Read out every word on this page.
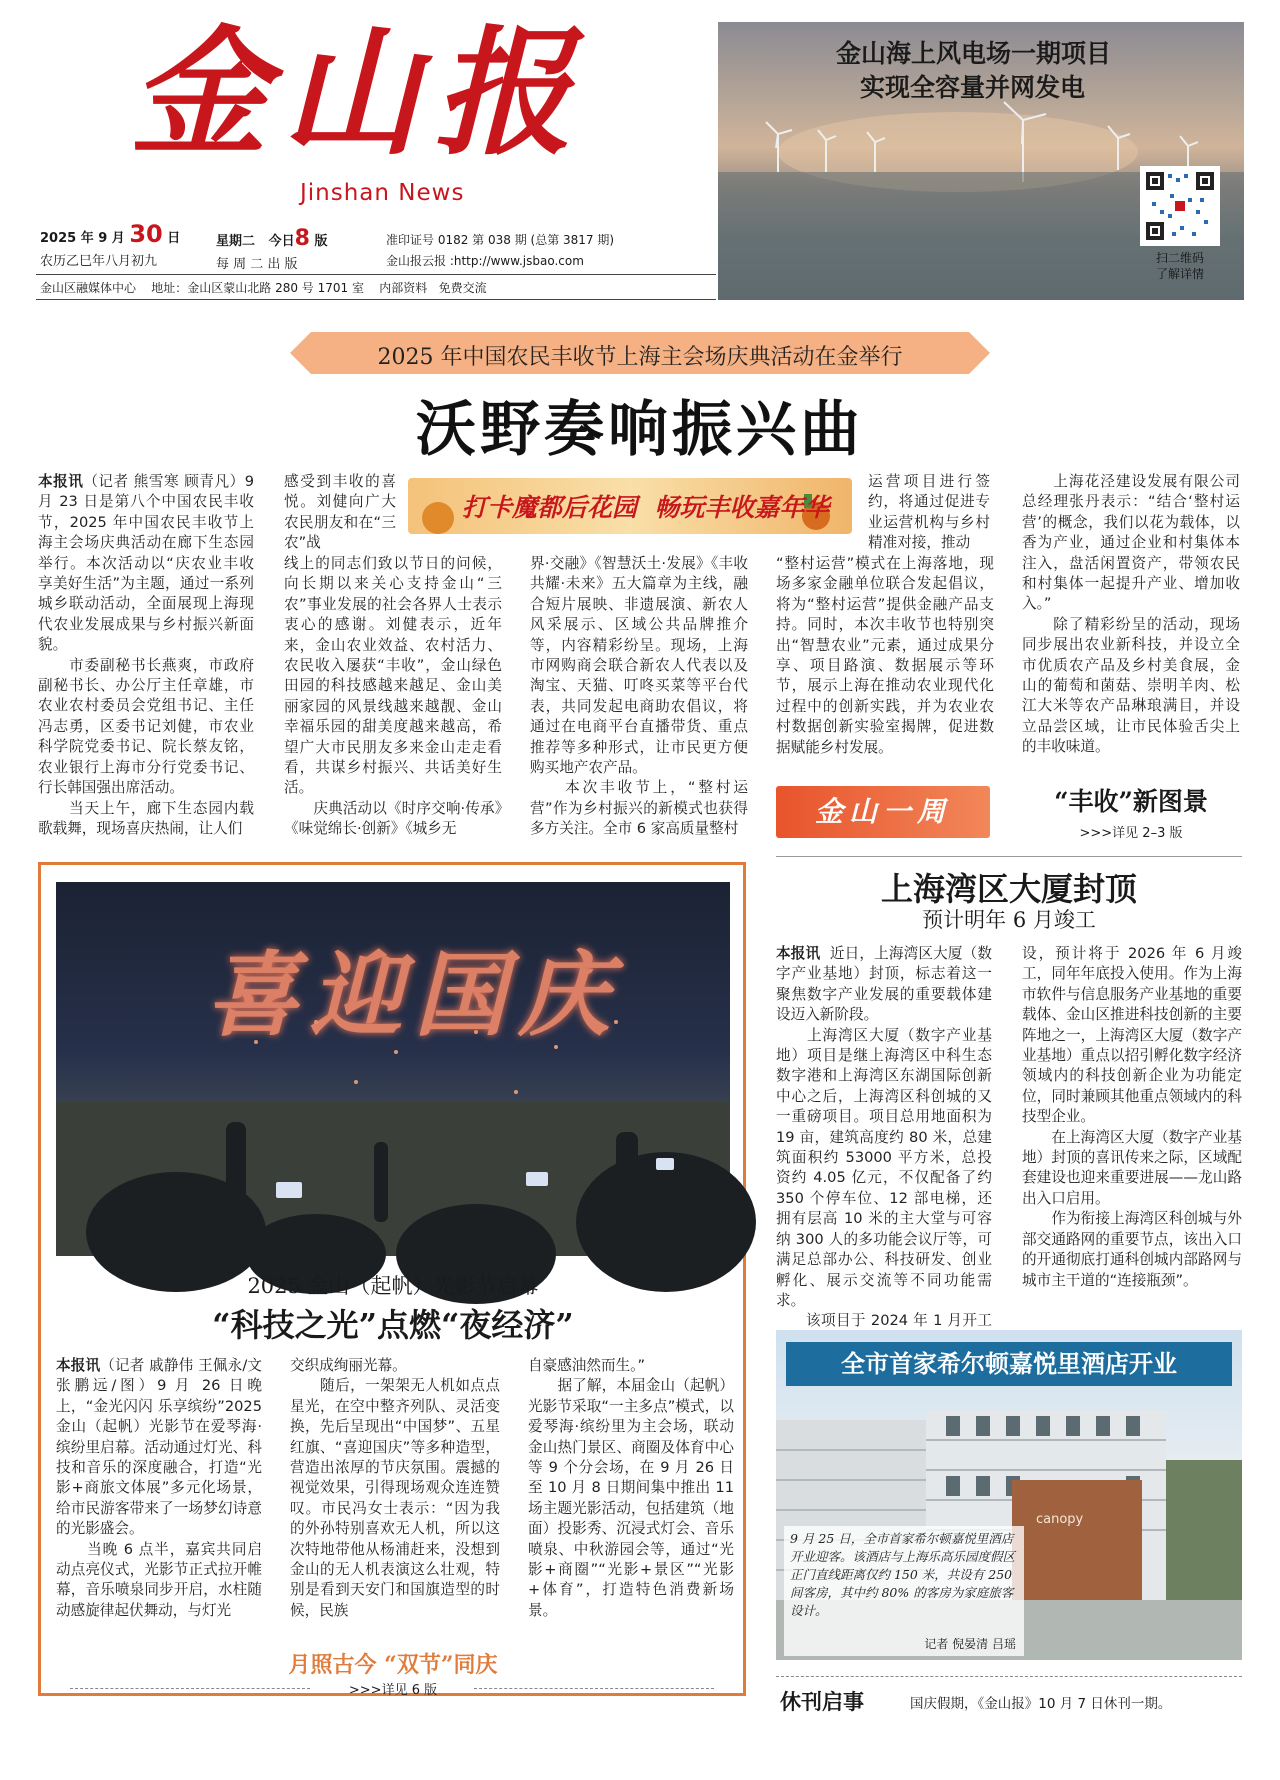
金山报
Jinshan News
2025 年 9 月 30 日
农历乙巳年八月初九
星期二 今日8 版
每 周 二 出 版
准印证号 0182 第 038 期 (总第 3817 期)
金山报云报 :http://www.jsbao.com
金山区融媒体中心    地址：金山区蒙山北路 280 号 1701 室    内部资料   免费交流
金山海上风电场一期项目
实现全容量并网发电
扫二维码
了解详情
2025 年中国农民丰收节上海主会场庆典活动在金举行
沃野奏响振兴曲
本报讯（记者 熊雪寒 顾青凡）9 月 23 日是第八个中国农民丰收节，2025 年中国农民丰收节上海主会场庆典活动在廊下生态园举行。本次活动以“庆农业丰收 享美好生活”为主题，通过一系列城乡联动活动，全面展现上海现代农业发展成果与乡村振兴新面貌。
　　市委副秘书长燕爽，市政府副秘书长、办公厅主任章雄，市农业农村委员会党组书记、主任冯志勇，区委书记刘健，市农业科学院党委书记、院长蔡友铭，农业银行上海市分行党委书记、行长韩国强出席活动。
　　当天上午，廊下生态园内载歌载舞，现场喜庆热闹，让人们
感受到丰收的喜悦。刘健向广大农民朋友和在“三农”战
打卡魔都后花园  畅玩丰收嘉年华
线上的同志们致以节日的问候，向长期以来关心支持金山“三农”事业发展的社会各界人士表示衷心的感谢。刘健表示，近年来，金山农业效益、农村活力、农民收入屡获“丰收”，金山绿色田园的科技感越来越足、金山美丽家园的风景线越来越靓、金山幸福乐园的甜美度越来越高，希望广大市民朋友多来金山走走看看，共谋乡村振兴、共话美好生活。
　　庆典活动以《时序交响·传承》《味觉绵长·创新》《城乡无
界·交融》《智慧沃土·发展》《丰收共耀·未来》五大篇章为主线，融合短片展映、非遗展演、新农人风采展示、区域公共品牌推介等，内容精彩纷呈。现场，上海市网购商会联合新农人代表以及淘宝、天猫、叮咚买菜等平台代表，共同发起电商助农倡议，将通过在电商平台直播带货、重点推荐等多种形式，让市民更方便购买地产农产品。
　　本次丰收节上，“整村运营”作为乡村振兴的新模式也获得多方关注。全市 6 家高质量整村
运营项目进行签约，将通过促进专业运营机构与乡村精准对接，推动
“整村运营”模式在上海落地，现场多家金融单位联合发起倡议，将为“整村运营”提供金融产品支持。同时，本次丰收节也特别突出“智慧农业”元素，通过成果分享、项目路演、数据展示等环节，展示上海在推动农业现代化过程中的创新实践，并为农业农村数据创新实验室揭牌，促进数据赋能乡村发展。
　　上海花泾建设发展有限公司总经理张丹表示：“结合‘整村运营’的概念，我们以花为载体，以香为产业，通过企业和村集体本注入，盘活闲置资产，带领农民和村集体一起提升产业、增加收入。”
　　除了精彩纷呈的活动，现场同步展出农业新科技，并设立全市优质农产品及乡村美食展，金山的葡萄和菌菇、崇明羊肉、松江大米等农产品琳琅满目，并设立品尝区域，让市民体验舌尖上的丰收味道。
金山一周	“丰收”新图景
>>>详见 2–3 版
上海湾区大厦封顶
预计明年 6 月竣工
本报讯  近日，上海湾区大厦（数字产业基地）封顶，标志着这一聚焦数字产业发展的重要载体建设迈入新阶段。
　　上海湾区大厦（数字产业基地）项目是继上海湾区中科生态数字港和上海湾区东湖国际创新中心之后，上海湾区科创城的又一重磅项目。项目总用地面积为 19 亩，建筑高度约 80 米，总建筑面积约 53000 平方米，总投资约 4.05 亿元，不仅配备了约 350 个停车位、12 部电梯，还拥有层高 10 米的主大堂与可容纳 300 人的多功能会议厅等，可满足总部办公、科技研发、创业孵化、展示交流等不同功能需求。
　　该项目于 2024 年 1 月开工
设，预计将于 2026 年 6 月竣工，同年年底投入使用。作为上海市软件与信息服务产业基地的重要载体、金山区推进科技创新的主要阵地之一，上海湾区大厦（数字产业基地）重点以招引孵化数字经济领域内的科技创新企业为功能定位，同时兼顾其他重点领域内的科技型企业。
　　在上海湾区大厦（数字产业基地）封顶的喜讯传来之际，区域配套建设也迎来重要进展——龙山路出入口启用。
　　作为衔接上海湾区科创城与外部交通路网的重要节点，该出入口的开通彻底打通科创城内部路网与城市主干道的“连接瓶颈”。
喜迎国庆
2025 金山（起帆）光影节启幕
“科技之光”点燃“夜经济”
本报讯（记者 戚静伟 王佩永/文 张鹏远/图）9 月 26 日晚上，“金光闪闪 乐享缤纷”2025 金山（起帆）光影节在爱琴海·缤纷里启幕。活动通过灯光、科技和音乐的深度融合，打造“光影+商旅文体展”多元化场景，给市民游客带来了一场梦幻诗意的光影盛会。
　　当晚 6 点半，嘉宾共同启动点亮仪式，光影节正式拉开帷幕，音乐喷泉同步开启，水柱随动感旋律起伏舞动，与灯光
交织成绚丽光幕。
　　随后，一架架无人机如点点星光，在空中整齐列队、灵活变换，先后呈现出“中国梦”、五星红旗、“喜迎国庆”等多种造型，营造出浓厚的节庆氛围。震撼的视觉效果，引得现场观众连连赞叹。市民冯女士表示：“因为我的外孙特别喜欢无人机，所以这次特地带他从杨浦赶来，没想到金山的无人机表演这么壮观，特别是看到天安门和国旗造型的时候，民族
自豪感油然而生。”
　　据了解，本届金山（起帆）光影节采取“一主多点”模式，以爱琴海·缤纷里为主会场，联动金山热门景区、商圈及体育中心等 9 个分会场，在 9 月 26 日至 10 月 8 日期间集中推出 11 场主题光影活动，包括建筑（地面）投影秀、沉浸式灯会、音乐喷泉、中秋游园会等，通过“光影+商圈”“光影+景区”“光影+体育”，打造特色消费新场景。
月照古今 “双节”同庆
>>>详见 6 版
全市首家希尔顿嘉悦里酒店开业
canopy
9 月 25 日，全市首家希尔顿嘉悦里酒店开业迎客。该酒店与上海乐高乐园度假区正门直线距离仅约 150 米，共设有 250 间客房，其中约 80% 的客房为家庭旅客设计。
记者 倪晏清 吕瑶
休刊启事	国庆假期，《金山报》10 月 7 日休刊一期。
